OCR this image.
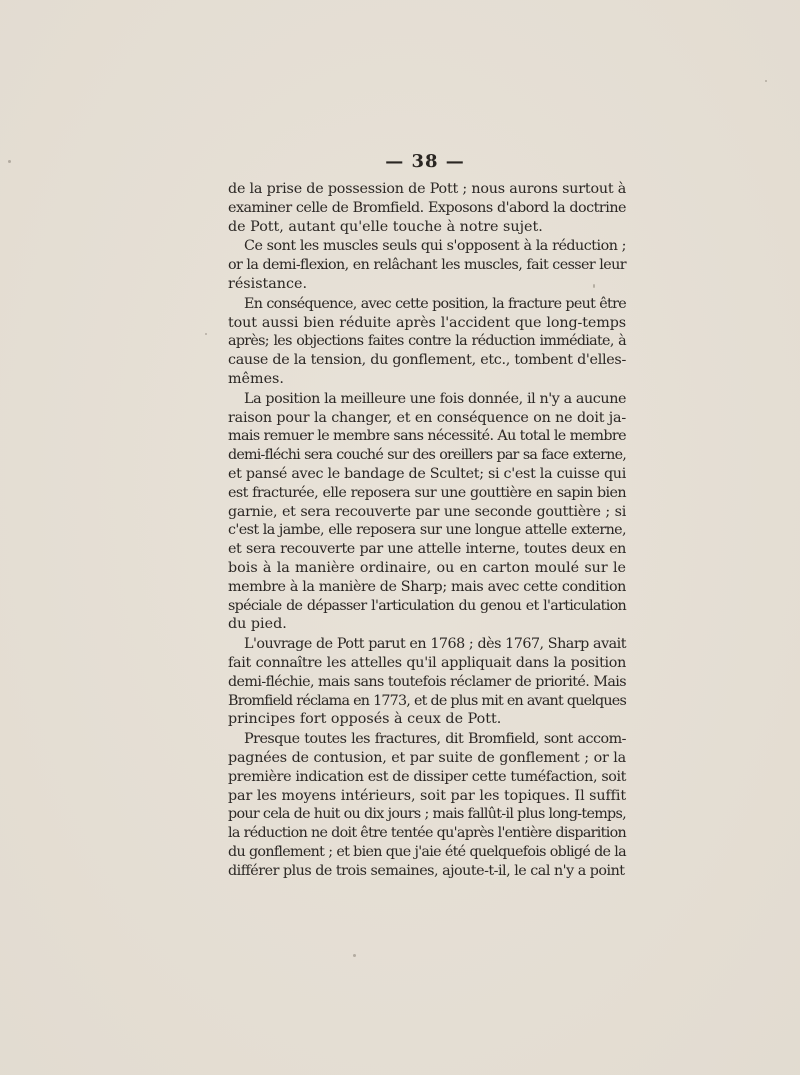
— 38 —

de la prise de possession de Pott ; nous aurons surtout à
examiner celle de Bromfield. Exposons d'abord la doctrine
de Pott, autant qu'elle touche à notre sujet.

Ce sont les muscles seuls qui s'opposent à la réduction ;
or la demi-flexion, en relâchant les muscles, fait cesser leur
résistance.

En conséquence, avec cette position, la fracture peut être
tout aussi bien réduite après l'accident que long-temps
après; les objections faites contre la réduction immédiate, à
cause de la tension, du gonflement, etc., tombent d'elles-
mêmes.

La position la meilleure une fois donnée, il n'y a aucune
raison pour la changer, et en conséquence on ne doit ja-
mais remuer le membre sans nécessité. Au total le membre
demi-fléchi sera couché sur des oreillers par sa face externe,
et pansé avec le bandage de Scultet; si c'est la cuisse qui
est fracturée, elle reposera sur une gouttière en sapin bien
garnie, et sera recouverte par une seconde gouttière ; si
c'est la jambe, elle reposera sur une longue attelle externe,
et sera recouverte par une attelle interne, toutes deux en
bois à la manière ordinaire, ou en carton moulé sur le
membre à la manière de Sharp; mais avec cette condition
spéciale de dépasser l'articulation du genou et l'articulation
du pied.

L'ouvrage de Pott parut en 1768 ; dès 1767, Sharp avait
fait connaître les attelles qu'il appliquait dans la position
demi-fléchie, mais sans toutefois réclamer de priorité. Mais
Bromfield réclama en 1773, et de plus mit en avant quelques
principes fort opposés à ceux de Pott.

Presque toutes les fractures, dit Bromfield, sont accom-
pagnées de contusion, et par suite de gonflement ; or la
première indication est de dissiper cette tuméfaction, soit
par les moyens intérieurs, soit par les topiques. Il suffit
pour cela de huit ou dix jours ; mais fallût-il plus long-temps,
la réduction ne doit être tentée qu'après l'entière disparition
du gonflement ; et bien que j'aie été quelquefois obligé de la
différer plus de trois semaines, ajoute-t-il, le cal n'y a point
